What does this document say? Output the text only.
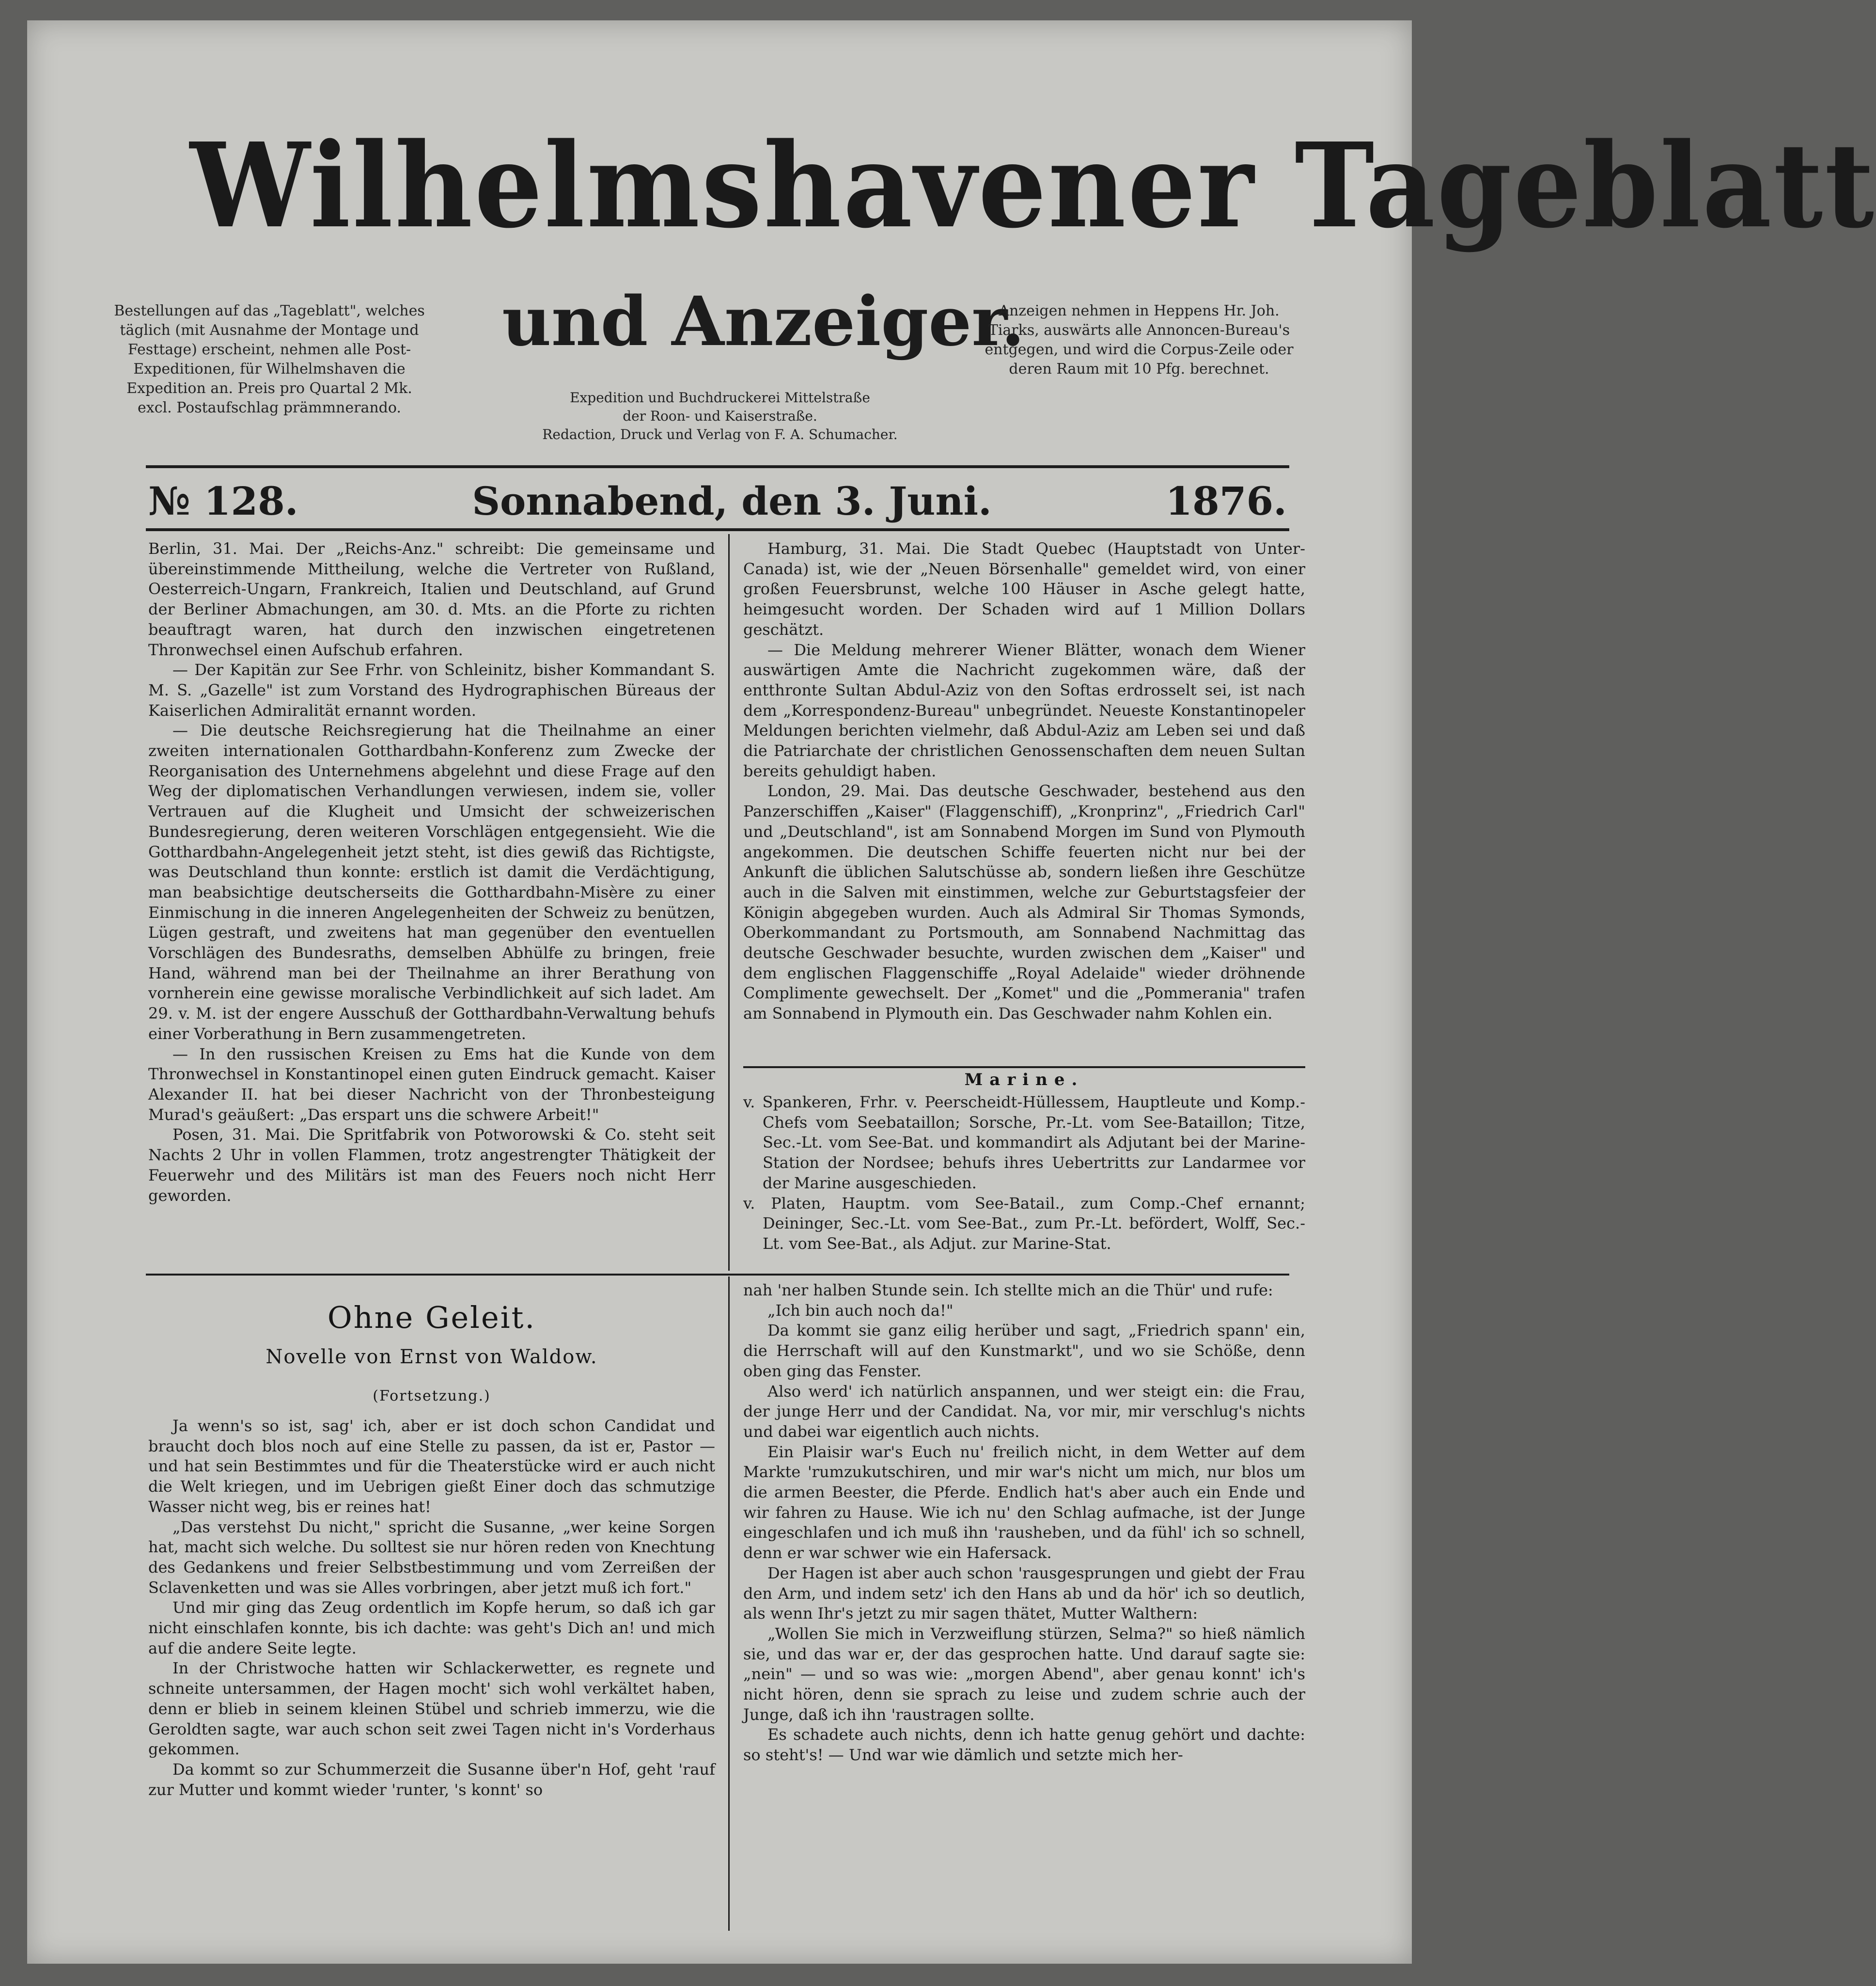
Wilhelmshavener Tageblatt
und Anzeiger.
Bestellungen auf das „Tageblatt", welches täglich (mit Ausnahme der Montage und Festtage) erscheint, nehmen alle Post-Expeditionen, für Wilhelmshaven die Expedition an. Preis pro Quartal 2 Mk. excl. Postaufschlag prämmnerando.
Anzeigen nehmen in Heppens Hr. Joh. Tiarks, auswärts alle Annoncen-Bureau's entgegen, und wird die Corpus-Zeile oder deren Raum mit 10 Pfg. berechnet.
Expedition und Buchdruckerei Mittelstraße
der Roon- und Kaiserstraße.
Redaction, Druck und Verlag von F. A. Schumacher.
№ 128.	Sonnabend, den 3. Juni.	1876.

Berlin, 31. Mai. Der „Reichs-Anz." schreibt: Die gemeinsame und übereinstimmende Mittheilung, welche die Vertreter von Rußland, Oesterreich-Ungarn, Frankreich, Italien und Deutschland, auf Grund der Berliner Abmachungen, am 30. d. Mts. an die Pforte zu richten beauftragt waren, hat durch den inzwischen eingetretenen Thronwechsel einen Aufschub erfahren.

— Der Kapitän zur See Frhr. von Schleinitz, bisher Kommandant S. M. S. „Gazelle" ist zum Vorstand des Hydrographischen Büreaus der Kaiserlichen Admiralität ernannt worden.

— Die deutsche Reichsregierung hat die Theilnahme an einer zweiten internationalen Gotthardbahn-Konferenz zum Zwecke der Reorganisation des Unternehmens abgelehnt und diese Frage auf den Weg der diplomatischen Verhandlungen verwiesen, indem sie, voller Vertrauen auf die Klugheit und Umsicht der schweizerischen Bundesregierung, deren weiteren Vorschlägen entgegensieht. Wie die Gotthardbahn-Angelegenheit jetzt steht, ist dies gewiß das Richtigste, was Deutschland thun konnte: erstlich ist damit die Verdächtigung, man beabsichtige deutscherseits die Gotthardbahn-Misère zu einer Einmischung in die inneren Angelegenheiten der Schweiz zu benützen, Lügen gestraft, und zweitens hat man gegenüber den eventuellen Vorschlägen des Bundesraths, demselben Abhülfe zu bringen, freie Hand, während man bei der Theilnahme an ihrer Berathung von vornherein eine gewisse moralische Verbindlichkeit auf sich ladet. Am 29. v. M. ist der engere Ausschuß der Gotthardbahn-Verwaltung behufs einer Vorberathung in Bern zusammengetreten.

— In den russischen Kreisen zu Ems hat die Kunde von dem Thronwechsel in Konstantinopel einen guten Eindruck gemacht. Kaiser Alexander II. hat bei dieser Nachricht von der Thronbesteigung Murad's geäußert: „Das erspart uns die schwere Arbeit!"

Posen, 31. Mai. Die Spritfabrik von Potworowski & Co. steht seit Nachts 2 Uhr in vollen Flammen, trotz angestrengter Thätigkeit der Feuerwehr und des Militärs ist man des Feuers noch nicht Herr geworden.

Hamburg, 31. Mai. Die Stadt Quebec (Hauptstadt von Unter-Canada) ist, wie der „Neuen Börsenhalle" gemeldet wird, von einer großen Feuersbrunst, welche 100 Häuser in Asche gelegt hatte, heimgesucht worden. Der Schaden wird auf 1 Million Dollars geschätzt.

— Die Meldung mehrerer Wiener Blätter, wonach dem Wiener auswärtigen Amte die Nachricht zugekommen wäre, daß der entthronte Sultan Abdul-Aziz von den Softas erdrosselt sei, ist nach dem „Korrespondenz-Bureau" unbegründet. Neueste Konstantinopeler Meldungen berichten vielmehr, daß Abdul-Aziz am Leben sei und daß die Patriarchate der christlichen Genossenschaften dem neuen Sultan bereits gehuldigt haben.

London, 29. Mai. Das deutsche Geschwader, bestehend aus den Panzerschiffen „Kaiser" (Flaggenschiff), „Kronprinz", „Friedrich Carl" und „Deutschland", ist am Sonnabend Morgen im Sund von Plymouth angekommen. Die deutschen Schiffe feuerten nicht nur bei der Ankunft die üblichen Salutschüsse ab, sondern ließen ihre Geschütze auch in die Salven mit einstimmen, welche zur Geburtstagsfeier der Königin abgegeben wurden. Auch als Admiral Sir Thomas Symonds, Oberkommandant zu Portsmouth, am Sonnabend Nachmittag das deutsche Geschwader besuchte, wurden zwischen dem „Kaiser" und dem englischen Flaggenschiffe „Royal Adelaide" wieder dröhnende Complimente gewechselt. Der „Komet" und die „Pommerania" trafen am Sonnabend in Plymouth ein. Das Geschwader nahm Kohlen ein.

Marine.

v. Spankeren, Frhr. v. Peerscheidt-Hüllessem, Hauptleute und Komp.-Chefs vom Seebataillon; Sorsche, Pr.-Lt. vom See-Bataillon; Titze, Sec.-Lt. vom See-Bat. und kommandirt als Adjutant bei der Marine-Station der Nordsee; behufs ihres Uebertritts zur Landarmee vor der Marine ausgeschieden.

v. Platen, Hauptm. vom See-Batail., zum Comp.-Chef ernannt; Deininger, Sec.-Lt. vom See-Bat., zum Pr.-Lt. befördert, Wolff, Sec.-Lt. vom See-Bat., als Adjut. zur Marine-Stat.

Ohne Geleit.
Novelle von Ernst von Waldow.
(Fortsetzung.)

Ja wenn's so ist, sag' ich, aber er ist doch schon Candidat und braucht doch blos noch auf eine Stelle zu passen, da ist er, Pastor — und hat sein Bestimmtes und für die Theaterstücke wird er auch nicht die Welt kriegen, und im Uebrigen gießt Einer doch das schmutzige Wasser nicht weg, bis er reines hat!

„Das verstehst Du nicht," spricht die Susanne, „wer keine Sorgen hat, macht sich welche. Du solltest sie nur hören reden von Knechtung des Gedankens und freier Selbstbestimmung und vom Zerreißen der Sclavenketten und was sie Alles vorbringen, aber jetzt muß ich fort."

Und mir ging das Zeug ordentlich im Kopfe herum, so daß ich gar nicht einschlafen konnte, bis ich dachte: was geht's Dich an! und mich auf die andere Seite legte.

In der Christwoche hatten wir Schlackerwetter, es regnete und schneite untersammen, der Hagen mocht' sich wohl verkältet haben, denn er blieb in seinem kleinen Stübel und schrieb immerzu, wie die Geroldten sagte, war auch schon seit zwei Tagen nicht in's Vorderhaus gekommen.

Da kommt so zur Schummerzeit die Susanne über'n Hof, geht 'rauf zur Mutter und kommt wieder 'runter, 's konnt' so

nah 'ner halben Stunde sein. Ich stellte mich an die Thür' und rufe:

„Ich bin auch noch da!"

Da kommt sie ganz eilig herüber und sagt, „Friedrich spann' ein, die Herrschaft will auf den Kunstmarkt", und wo sie Schöße, denn oben ging das Fenster.

Also werd' ich natürlich anspannen, und wer steigt ein: die Frau, der junge Herr und der Candidat. Na, vor mir, mir verschlug's nichts und dabei war eigentlich auch nichts.

Ein Plaisir war's Euch nu' freilich nicht, in dem Wetter auf dem Markte 'rumzukutschiren, und mir war's nicht um mich, nur blos um die armen Beester, die Pferde. Endlich hat's aber auch ein Ende und wir fahren zu Hause. Wie ich nu' den Schlag aufmache, ist der Junge eingeschlafen und ich muß ihn 'rausheben, und da fühl' ich so schnell, denn er war schwer wie ein Hafersack.

Der Hagen ist aber auch schon 'rausgesprungen und giebt der Frau den Arm, und indem setz' ich den Hans ab und da hör' ich so deutlich, als wenn Ihr's jetzt zu mir sagen thätet, Mutter Walthern:

„Wollen Sie mich in Verzweiflung stürzen, Selma?" so hieß nämlich sie, und das war er, der das gesprochen hatte. Und darauf sagte sie: „nein" — und so was wie: „morgen Abend", aber genau konnt' ich's nicht hören, denn sie sprach zu leise und zudem schrie auch der Junge, daß ich ihn 'raustragen sollte.

Es schadete auch nichts, denn ich hatte genug gehört und dachte: so steht's! — Und war wie dämlich und setzte mich her-
